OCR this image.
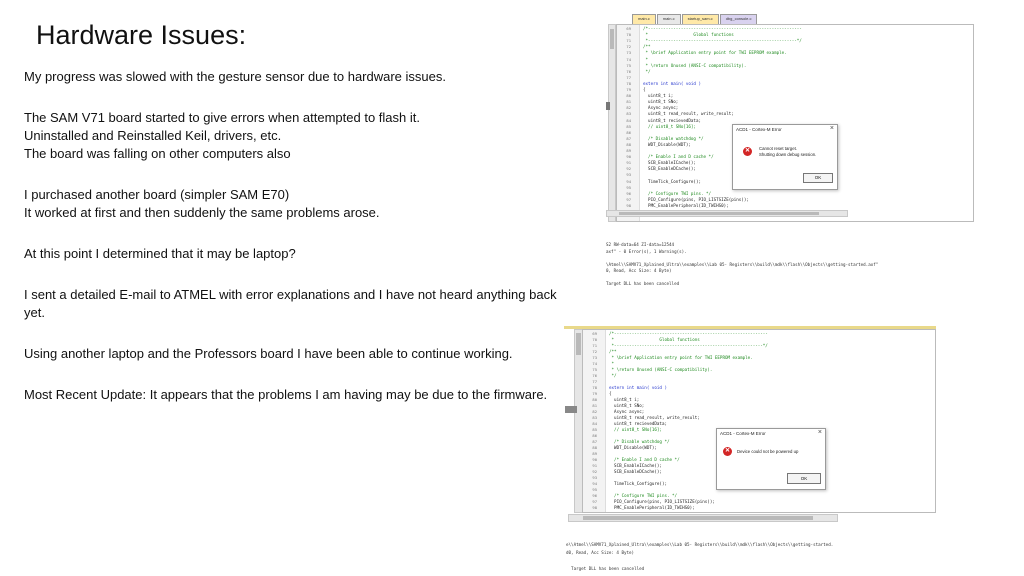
Hardware Issues:
My progress was slowed with the gesture sensor due to hardware issues.
The SAM V71 board started to give errors when attempted to flash it.
Uninstalled and Reinstalled Keil, drivers, etc.
The board was falling on other computers also
I purchased another board (simpler SAM E70)
It worked at first and then suddenly the same problems arose.
At this point I determined that it may be laptop?
I sent a detailed E-mail to ATMEL with error explanations and I have not heard anything back yet.
Using another laptop and the Professors board I have been able to continue working.
Most Recent Update: It appears that the problems I am having may be due to the firmware.
main.c	main.c	startup_sam.c	dbg_console.c
69	/*-------------------------------------------------------------
70	*                  Global functions
71	*-----------------------------------------------------------*/
72	/**
73	* \brief Application entry point for TWI EEPROM example.
74	*
75	* \return Unused (ANSI-C compatibility).
76	*/
77
78	extern int main( void )
79	{
80	uint8_t i;
81	uint8_t SNo;
82	Async async;
83	uint8_t read_result, write_result;
84	uint8_t recievedData;
85	// uint8_t SNo[16];
86
87	/* Disable watchdog */
88	WDT_Disable(WDT);
89
90	/* Enable I and D cache */
91	SCB_EnableICache();
92	SCB_EnableDCache();
93
94	TimeTick_Configure();
95
96	/* Configure TWI pins. */
97	PIO_Configure(pins, PIO_LISTSIZE(pins));
98	PMC_EnablePeripheral(ID_TWIHS0);
ACD1 - Cortex-M Error	×
✕	Cannot reset target.
Shutting down debug session.
OK
S2 RW-data=64 ZI-data=12544
axf" - 0 Error(s), 1 Warning(s).
\Atmel\\SAMV71_Xplained_Ultra\\examples\\Lab 05- Registers\\build\\mdk\\flash\\Objects\\getting-started.axf"
0, Read, Acc Size: 4 Byte)
Target DLL has been cancelled
69	/*-------------------------------------------------------------
70	*                  Global functions
71	*-----------------------------------------------------------*/
72	/**
73	* \brief Application entry point for TWI EEPROM example.
74	*
75	* \return Unused (ANSI-C compatibility).
76	*/
77
78	extern int main( void )
79	{
80	uint8_t i;
81	uint8_t SNo;
82	Async async;
83	uint8_t read_result, write_result;
84	uint8_t recievedData;
85	// uint8_t SNo[16];
86
87	/* Disable watchdog */
88	WDT_Disable(WDT);
89
90	/* Enable I and D cache */
91	SCB_EnableICache();
92	SCB_EnableDCache();
93
94	TimeTick_Configure();
95
96	/* Configure TWI pins. */
97	PIO_Configure(pins, PIO_LISTSIZE(pins));
98	PMC_EnablePeripheral(ID_TWIHS0);
ACD1 - Cortex-M Error	×
✕	Device could not be powered up
OK
e\\Atmel\\SAMV71_Xplained_Ultra\\examples\\Lab 05- Registers\\build\\mdk\\flash\\Objects\\getting-started.
d0, Read, Acc Size: 4 Byte)
Target DLL has been cancelled
